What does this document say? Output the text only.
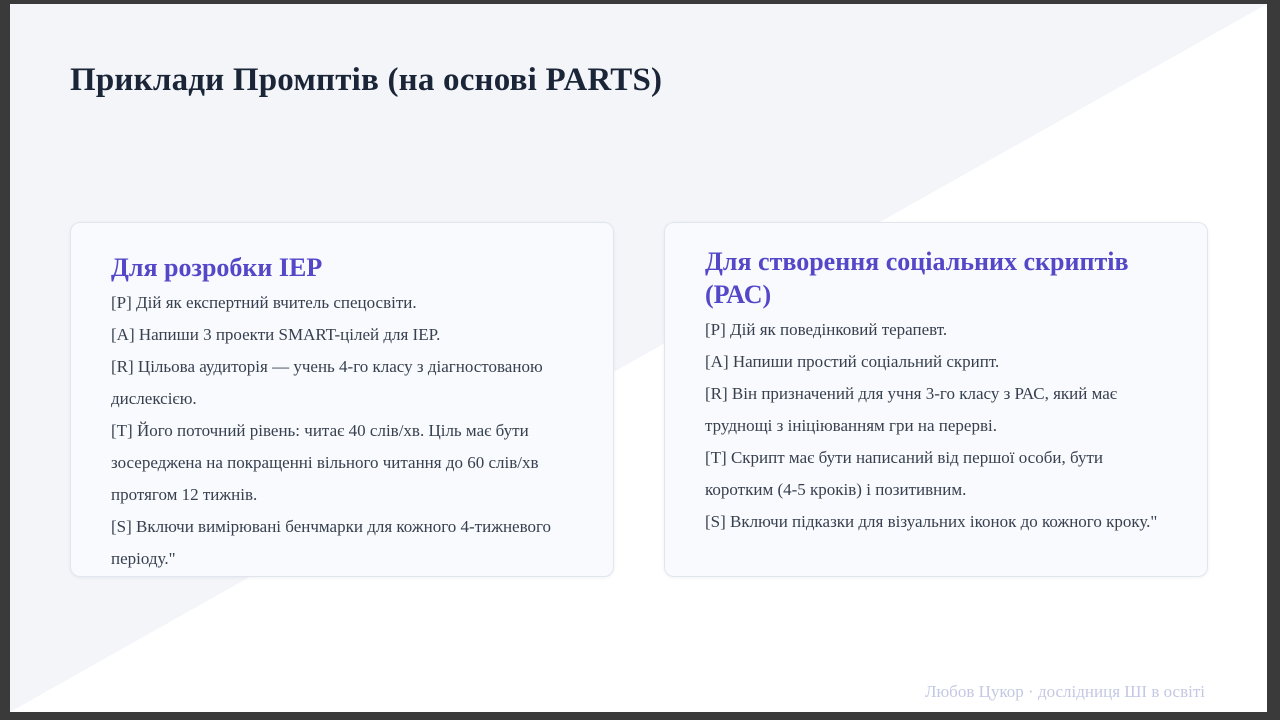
Приклади Промптів (на основі PARTS)
Для розробки IEP

[P] Дій як експертний вчитель спецосвіти.

[A] Напиши 3 проекти SMART-цілей для IEP.

[R] Цільова аудиторія — учень 4-го класу з діагностованою дислексією.

[T] Його поточний рівень: читає 40 слів/хв. Ціль має бути зосереджена на покращенні вільного читання до 60 слів/хв протягом 12 тижнів.

[S] Включи вимірювані бенчмарки для кожного 4-тижневого періоду."

Для створення соціальних скриптів (РАС)

[P] Дій як поведінковий терапевт.

[A] Напиши простий соціальний скрипт.

[R] Він призначений для учня 3-го класу з РАС, який має труднощі з ініціюванням гри на перерві.

[T] Скрипт має бути написаний від першої особи, бути коротким (4-5 кроків) і позитивним.

[S] Включи підказки для візуальних іконок до кожного кроку."

Любов Цукор · дослідниця ШІ в освіті
